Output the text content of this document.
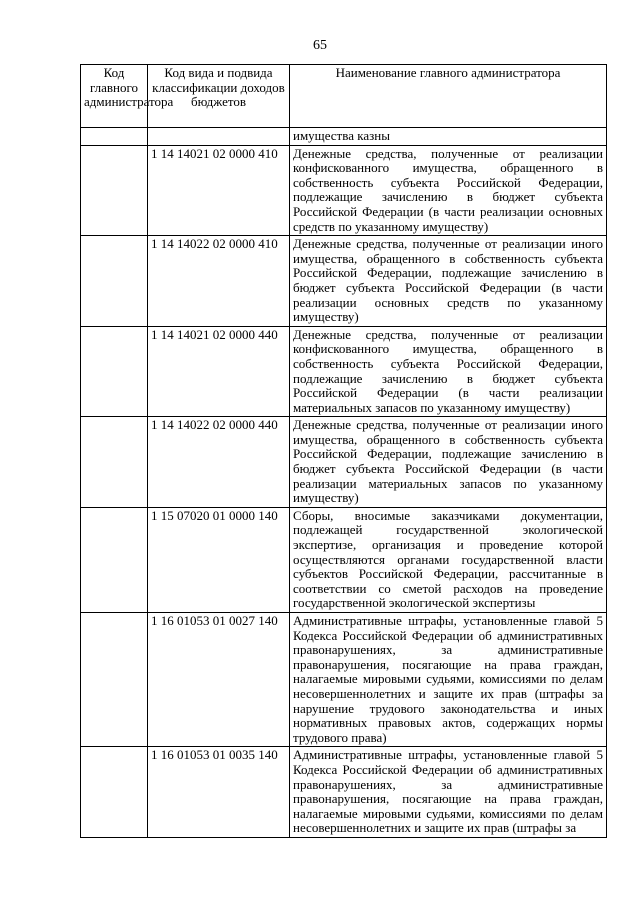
65
Код главного администратора	Код вида и подвида классификации доходов бюджетов	Наименование главного администратора
		имущества казны
	1 14 14021 02 0000 410	Денежные средства, полученные от реализации конфискованного имущества, обращенного в собственность субъекта Российской Федерации, подлежащие зачислению в бюджет субъекта Российской Федерации (в части реализации основных средств по указанному имуществу)
	1 14 14022 02 0000 410	Денежные средства, полученные от реализации иного имущества, обращенного в собственность субъекта Российской Федерации, подлежащие зачислению в бюджет субъекта Российской Федерации (в части реализации основных средств по указанному имуществу)
	1 14 14021 02 0000 440	Денежные средства, полученные от реализации конфискованного имущества, обращенного в собственность субъекта Российской Федерации, подлежащие зачислению в бюджет субъекта Российской Федерации (в части реализации материальных запасов по указанному имуществу)
	1 14 14022 02 0000 440	Денежные средства, полученные от реализации иного имущества, обращенного в собственность субъекта Российской Федерации, подлежащие зачислению в бюджет субъекта Российской Федерации (в части реализации материальных запасов по указанному имуществу)
	1 15 07020 01 0000 140	Сборы, вносимые заказчиками документации, подлежащей государственной экологической экспертизе, организация и проведение которой осуществляются органами государственной власти субъектов Российской Федерации, рассчитанные в соответствии со сметой расходов на проведение государственной экологической экспертизы
	1 16 01053 01 0027 140	Административные штрафы, установленные главой 5 Кодекса Российской Федерации об административных правонарушениях, за административные правонарушения, посягающие на права граждан, налагаемые мировыми судьями, комиссиями по делам несовершеннолетних и защите их прав (штрафы за нарушение трудового законодательства и иных нормативных правовых актов, содержащих нормы трудового права)
	1 16 01053 01 0035 140	Административные штрафы, установленные главой 5 Кодекса Российской Федерации об административных правонарушениях, за административные правонарушения, посягающие на права граждан, налагаемые мировыми судьями, комиссиями по делам несовершеннолетних и защите их прав (штрафы за
